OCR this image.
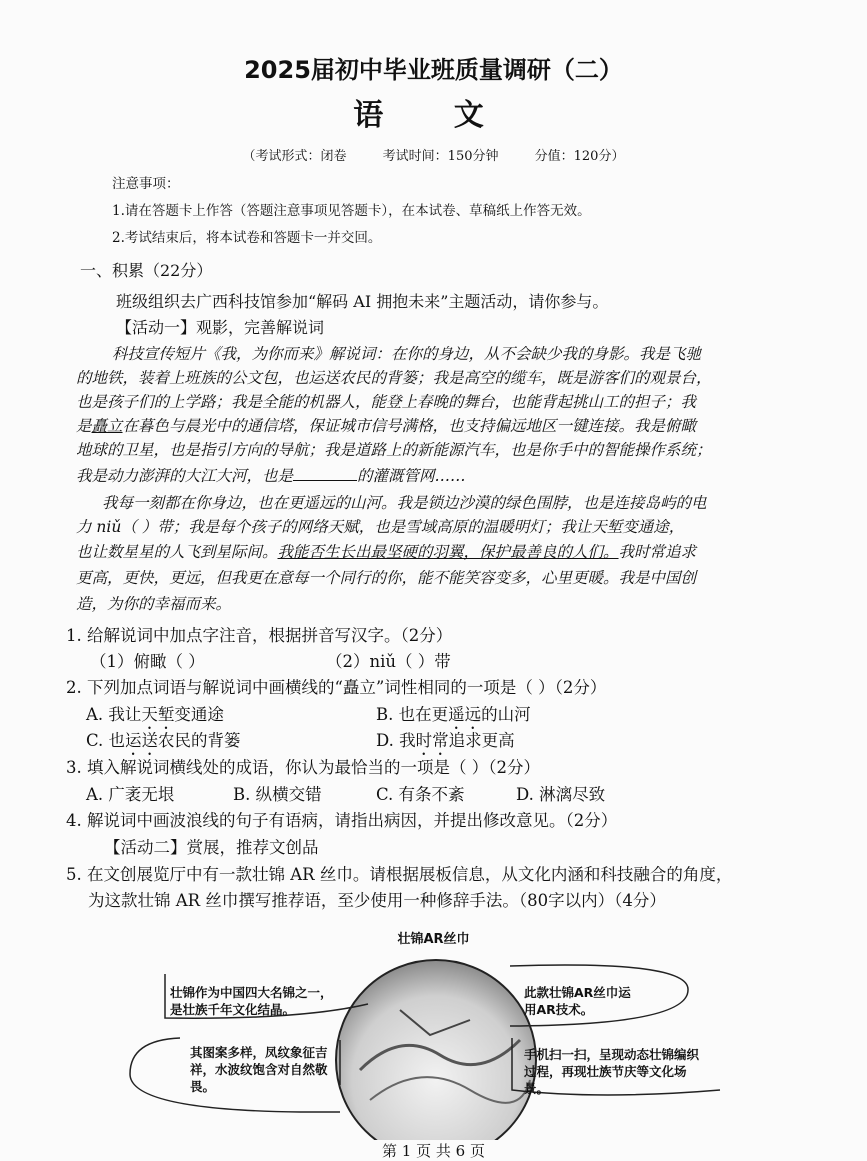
2025届初中毕业班质量调研（二）
语 文
（考试形式：闭卷	考试时间：150分钟	分值：120分）
注意事项：
1.请在答题卡上作答（答题注意事项见答题卡），在本试卷、草稿纸上作答无效。
2.考试结束后，将本试卷和答题卡一并交回。
一、积累（22分）
班级组织去广西科技馆参加“解码 AI 拥抱未来”主题活动，请你参与。
【活动一】观影，完善解说词
科技宣传短片《我，为你而来》解说词：在你的身边，从不会缺少我的身影。我是飞驰
的地铁，装着上班族的公文包，也运送农民的背篓；我是高空的缆车，既是游客们的观景台，
也是孩子们的上学路；我是全能的机器人，能登上春晚的舞台，也能背起挑山工的担子；我
是矗立在暮色与晨光中的通信塔，保证城市信号满格，也支持偏远地区一键连接。我是俯瞰
地球的卫星，也是指引方向的导航；我是道路上的新能源汽车，也是你手中的智能操作系统；
我是动力澎湃的大江大河，也是	的灌溉管网……
我每一刻都在你身边，也在更遥远的山河。我是锁边沙漠的绿色围脖，也是连接岛屿的电
力 niǔ（ ）带；我是每个孩子的网络天赋，也是雪域高原的温暖明灯；我让天堑变通途，
也让数星星的人飞到星际间。我能否生长出最坚硬的羽翼，保护最善良的人们。我时常追求
更高，更快，更远，但我更在意每一个同行的你，能不能笑容变多，心里更暖。我是中国创
造，为你的幸福而来。
1. 给解说词中加点字注音，根据拼音写汉字。（2分）
（1）俯瞰（ ）	（2）niǔ（ ）带
2. 下列加点词语与解说词中画横线的“矗立”词性相同的一项是（ ）（2分）
A. 我让天堑变通途	B. 也在更遥远的山河
C. 也运送农民的背篓	D. 我时常追求更高
3. 填入解说词横线处的成语，你认为最恰当的一项是（ ）（2分）
A. 广袤无垠	B. 纵横交错	C. 有条不紊	D. 淋漓尽致
4. 解说词中画波浪线的句子有语病，请指出病因，并提出修改意见。（2分）
【活动二】赏展，推荐文创品
5. 在文创展览厅中有一款壮锦 AR 丝巾。请根据展板信息，从文化内涵和科技融合的角度，
为这款壮锦 AR 丝巾撰写推荐语，至少使用一种修辞手法。（80字以内）（4分）
壮锦AR丝巾
壮锦作为中国四大名锦之一，是壮族千年文化结晶。
其图案多样，凤纹象征吉祥，水波纹饱含对自然敬畏。
此款壮锦AR丝巾运用AR技术。
手机扫一扫，呈现动态壮锦编织过程，再现壮族节庆等文化场景。
第 1 页 共 6 页
